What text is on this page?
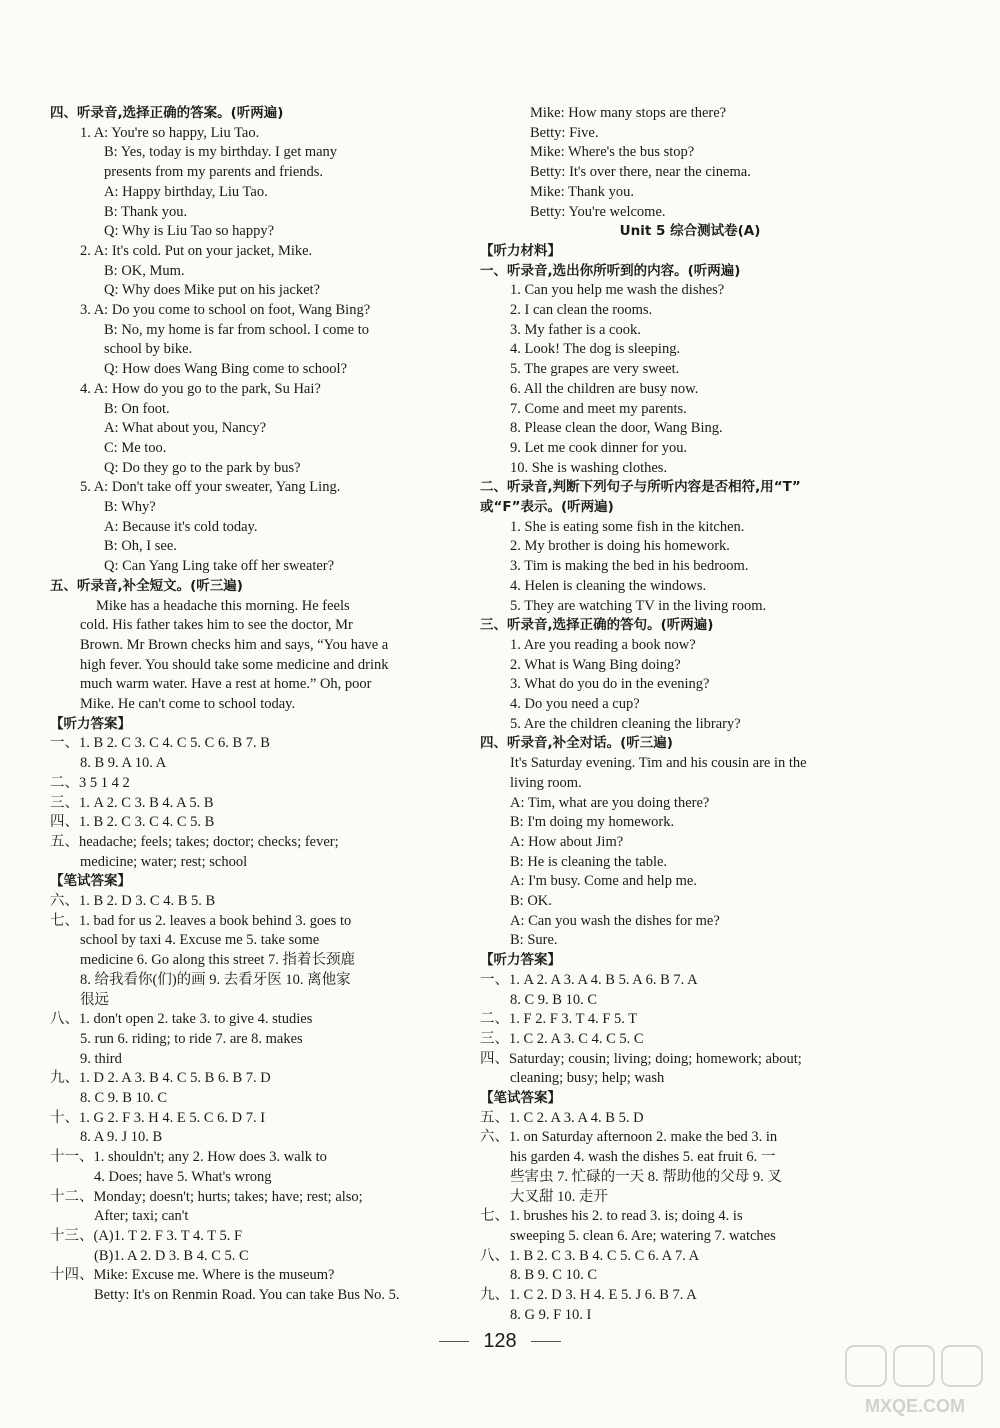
四、听录音,选择正确的答案。(听两遍)
1. A: You're so happy, Liu Tao.
B: Yes, today is my birthday. I get many
presents from my parents and friends.
A: Happy birthday, Liu Tao.
B: Thank you.
Q: Why is Liu Tao so happy?
2. A: It's cold. Put on your jacket, Mike.
B: OK, Mum.
Q: Why does Mike put on his jacket?
3. A: Do you come to school on foot, Wang Bing?
B: No, my home is far from school. I come to
school by bike.
Q: How does Wang Bing come to school?
4. A: How do you go to the park, Su Hai?
B: On foot.
A: What about you, Nancy?
C: Me too.
Q: Do they go to the park by bus?
5. A: Don't take off your sweater, Yang Ling.
B: Why?
A: Because it's cold today.
B: Oh, I see.
Q: Can Yang Ling take off her sweater?
五、听录音,补全短文。(听三遍)
Mike has a headache this morning. He feels
cold. His father takes him to see the doctor, Mr
Brown. Mr Brown checks him and says, “You have a
high fever. You should take some medicine and drink
much warm water. Have a rest at home.” Oh, poor
Mike. He can't come to school today.
【听力答案】
一、1. B 2. C 3. C 4. C 5. C 6. B 7. B
8. B 9. A 10. A
二、3 5 1 4 2
三、1. A 2. C 3. B 4. A 5. B
四、1. B 2. C 3. C 4. C 5. B
五、headache; feels; takes; doctor; checks; fever;
medicine; water; rest; school
【笔试答案】
六、1. B 2. D 3. C 4. B 5. B
七、1. bad for us 2. leaves a book behind 3. goes to
school by taxi 4. Excuse me 5. take some
medicine 6. Go along this street 7. 指着长颈鹿
8. 给我看你(们)的画 9. 去看牙医 10. 离他家
很远
八、1. don't open 2. take 3. to give 4. studies
5. run 6. riding; to ride 7. are 8. makes
9. third
九、1. D 2. A 3. B 4. C 5. B 6. B 7. D
8. C 9. B 10. C
十、1. G 2. F 3. H 4. E 5. C 6. D 7. I
8. A 9. J 10. B
十一、1. shouldn't; any 2. How does 3. walk to
4. Does; have 5. What's wrong
十二、Monday; doesn't; hurts; takes; have; rest; also;
After; taxi; can't
十三、(A)1. T 2. F 3. T 4. T 5. F
(B)1. A 2. D 3. B 4. C 5. C
十四、Mike: Excuse me. Where is the museum?
Betty: It's on Renmin Road. You can take Bus No. 5.
Mike: How many stops are there?
Betty: Five.
Mike: Where's the bus stop?
Betty: It's over there, near the cinema.
Mike: Thank you.
Betty: You're welcome.
Unit 5 综合测试卷(A)
【听力材料】
一、听录音,选出你所听到的内容。(听两遍)
1. Can you help me wash the dishes?
2. I can clean the rooms.
3. My father is a cook.
4. Look! The dog is sleeping.
5. The grapes are very sweet.
6. All the children are busy now.
7. Come and meet my parents.
8. Please clean the door, Wang Bing.
9. Let me cook dinner for you.
10. She is washing clothes.
二、听录音,判断下列句子与所听内容是否相符,用“T”
或“F”表示。(听两遍)
1. She is eating some fish in the kitchen.
2. My brother is doing his homework.
3. Tim is making the bed in his bedroom.
4. Helen is cleaning the windows.
5. They are watching TV in the living room.
三、听录音,选择正确的答句。(听两遍)
1. Are you reading a book now?
2. What is Wang Bing doing?
3. What do you do in the evening?
4. Do you need a cup?
5. Are the children cleaning the library?
四、听录音,补全对话。(听三遍)
It's Saturday evening. Tim and his cousin are in the
living room.
A: Tim, what are you doing there?
B: I'm doing my homework.
A: How about Jim?
B: He is cleaning the table.
A: I'm busy. Come and help me.
B: OK.
A: Can you wash the dishes for me?
B: Sure.
【听力答案】
一、1. A 2. A 3. A 4. B 5. A 6. B 7. A
8. C 9. B 10. C
二、1. F 2. F 3. T 4. F 5. T
三、1. C 2. A 3. C 4. C 5. C
四、Saturday; cousin; living; doing; homework; about;
cleaning; busy; help; wash
【笔试答案】
五、1. C 2. A 3. A 4. B 5. D
六、1. on Saturday afternoon 2. make the bed 3. in
his garden 4. wash the dishes 5. eat fruit 6. 一
些害虫 7. 忙碌的一天 8. 帮助他的父母 9. 叉
大叉甜 10. 走开
七、1. brushes his 2. to read 3. is; doing 4. is
sweeping 5. clean 6. Are; watering 7. watches
八、1. B 2. C 3. B 4. C 5. C 6. A 7. A
8. B 9. C 10. C
九、1. C 2. D 3. H 4. E 5. J 6. B 7. A
8. G 9. F 10. I
128
MXQE.COM
